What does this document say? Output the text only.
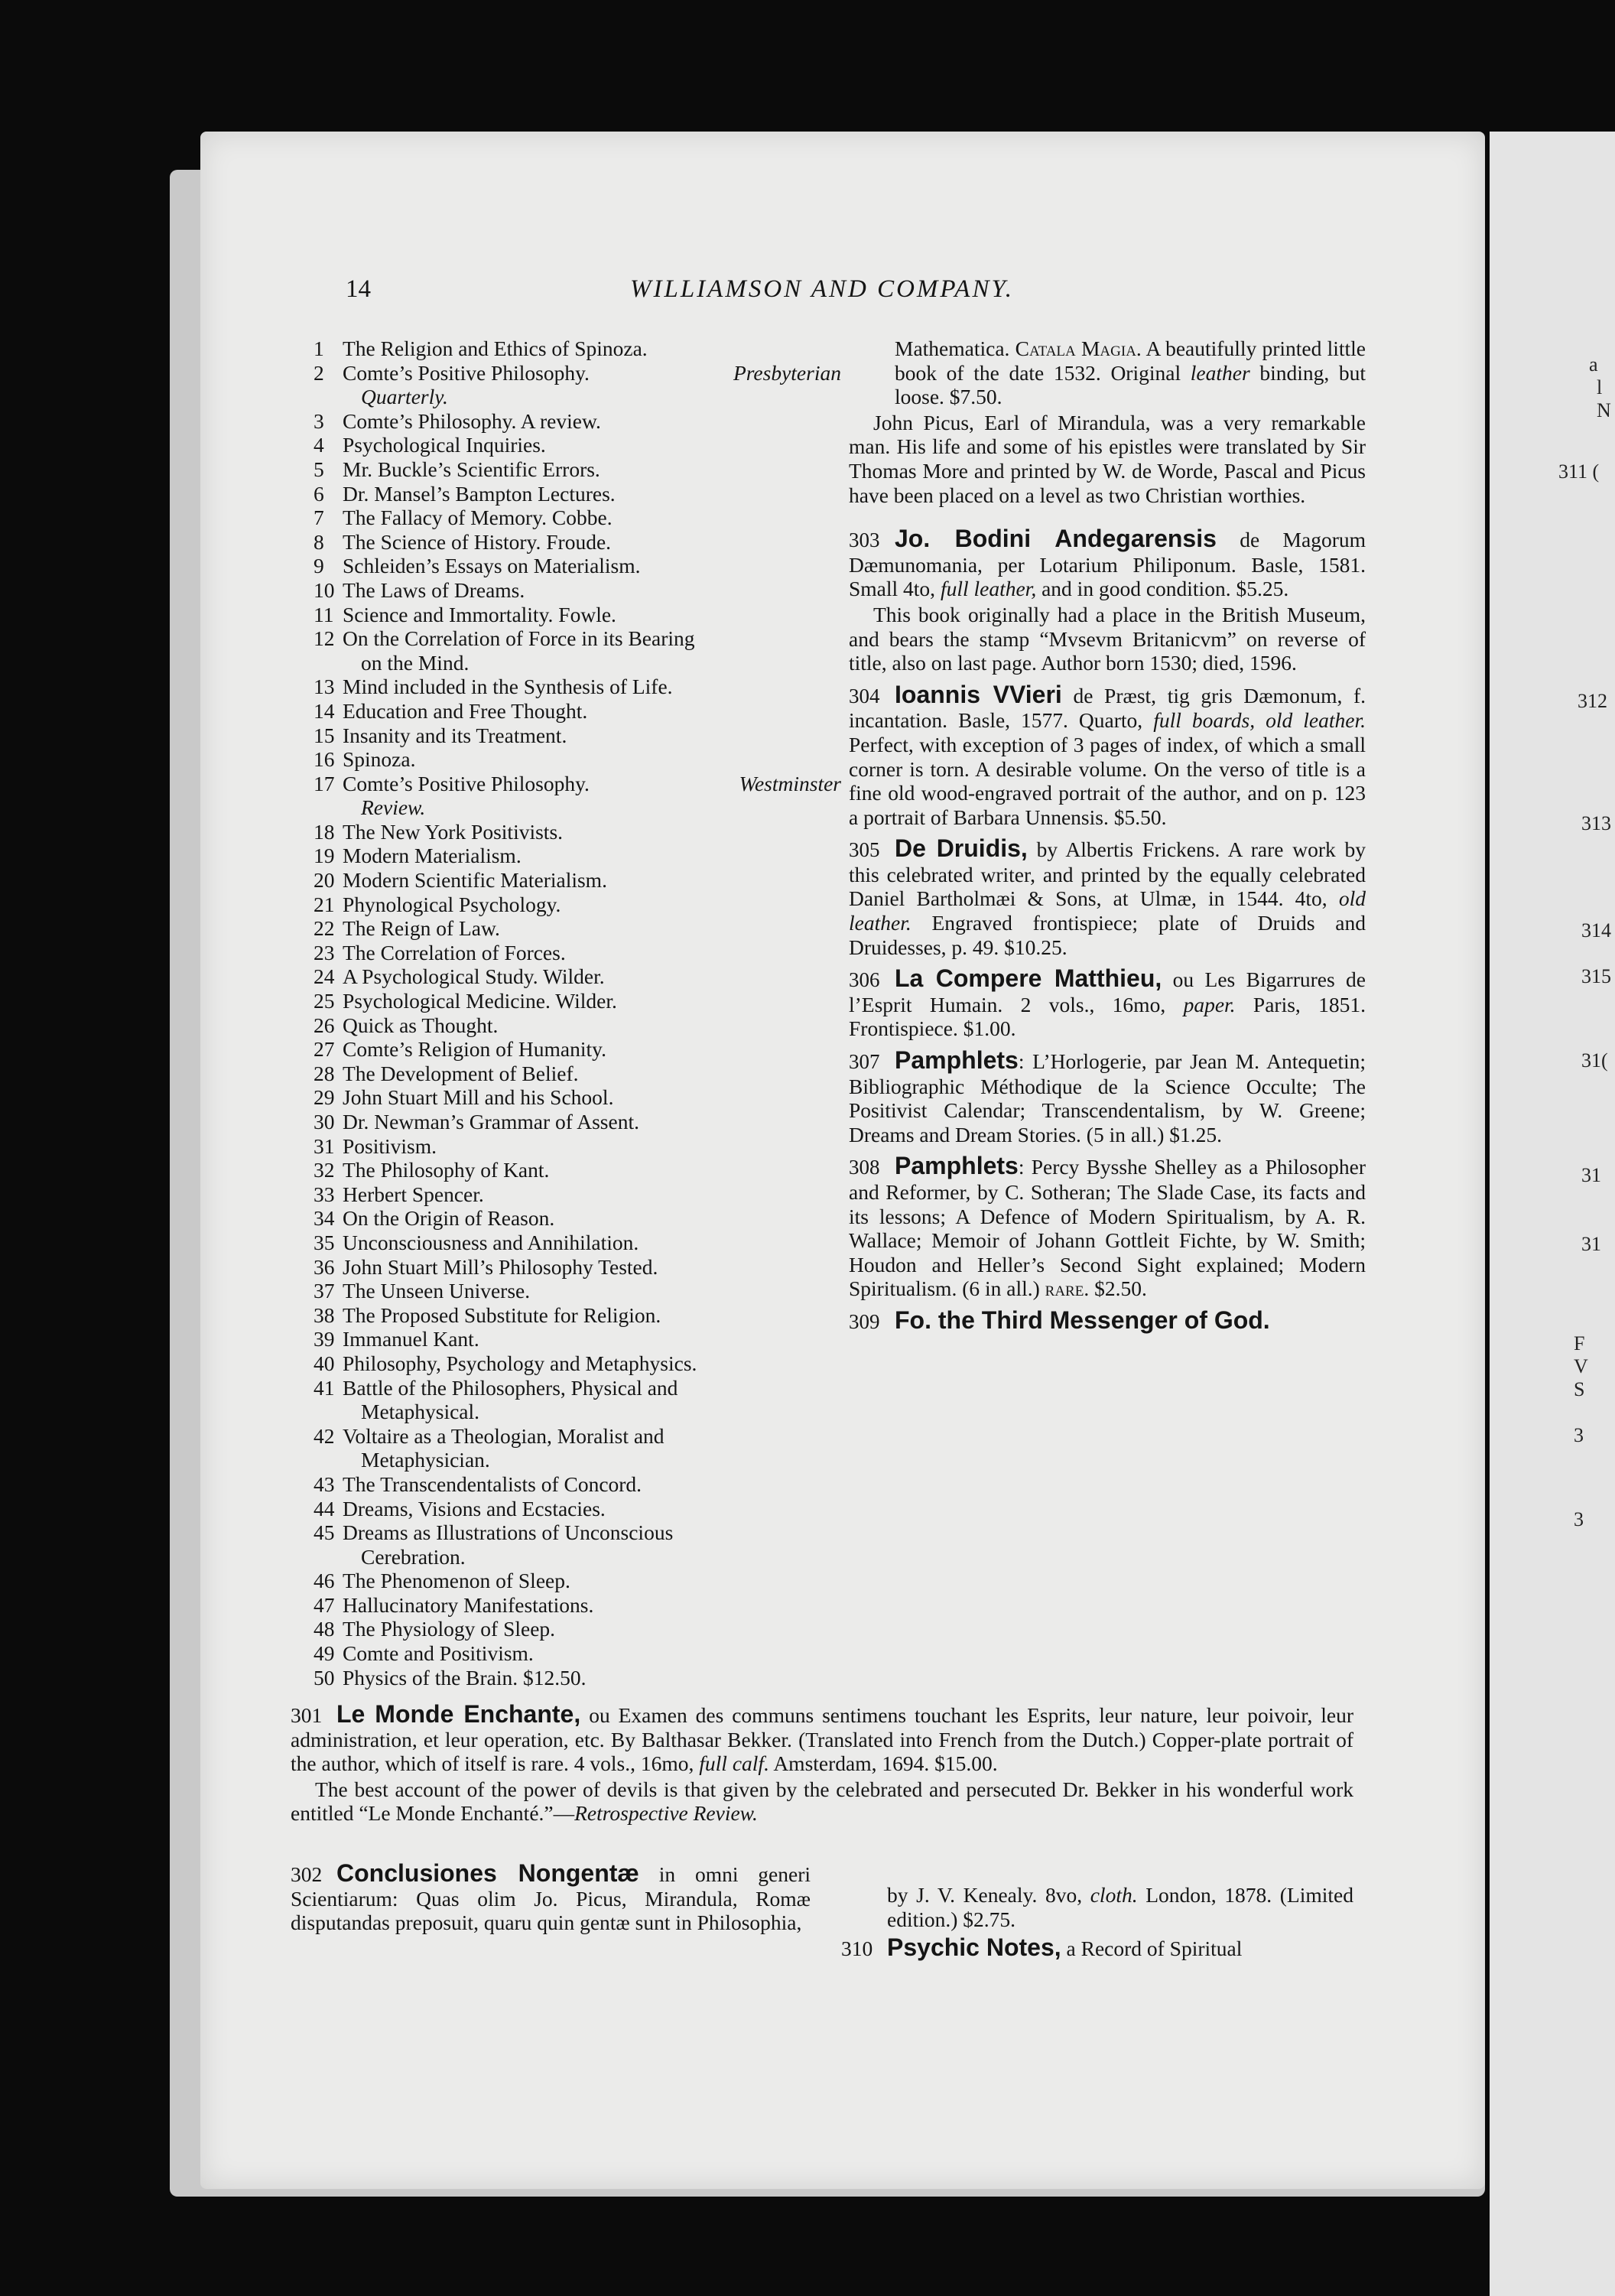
a
l
N
311 (
312
313
314
315
31(
31
31
F
V
S
3
3
14	WILLIAMSON AND COMPANY.
1 The Religion and Ethics of Spinoza.
2 Comte’s Positive Philosophy.	Presbyterian
Quarterly.
3 Comte’s Philosophy. A review.
4 Psychological Inquiries.
5 Mr. Buckle’s Scientific Errors.
6 Dr. Mansel’s Bampton Lectures.
7 The Fallacy of Memory. Cobbe.
8 The Science of History. Froude.
9 Schleiden’s Essays on Materialism.
10 The Laws of Dreams.
11 Science and Immortality. Fowle.
12 On the Correlation of Force in its Bearing
on the Mind.
13 Mind included in the Synthesis of Life.
14 Education and Free Thought.
15 Insanity and its Treatment.
16 Spinoza.
17 Comte’s Positive Philosophy.	Westminster
Review.
18 The New York Positivists.
19 Modern Materialism.
20 Modern Scientific Materialism.
21 Phynological Psychology.
22 The Reign of Law.
23 The Correlation of Forces.
24 A Psychological Study. Wilder.
25 Psychological Medicine. Wilder.
26 Quick as Thought.
27 Comte’s Religion of Humanity.
28 The Development of Belief.
29 John Stuart Mill and his School.
30 Dr. Newman’s Grammar of Assent.
31 Positivism.
32 The Philosophy of Kant.
33 Herbert Spencer.
34 On the Origin of Reason.
35 Unconsciousness and Annihilation.
36 John Stuart Mill’s Philosophy Tested.
37 The Unseen Universe.
38 The Proposed Substitute for Religion.
39 Immanuel Kant.
40 Philosophy, Psychology and Metaphysics.
41 Battle of the Philosophers, Physical and
Metaphysical.
42 Voltaire as a Theologian, Moralist and
Metaphysician.
43 The Transcendentalists of Concord.
44 Dreams, Visions and Ecstacies.
45 Dreams as Illustrations of Unconscious
Cerebration.
46 The Phenomenon of Sleep.
47 Hallucinatory Manifestations.
48 The Physiology of Sleep.
49 Comte and Positivism.
50 Physics of the Brain. $12.50.
Mathematica. Catala Magia. A beautifully printed little book of the date 1532. Original leather binding, but loose. $7.50.
John Picus, Earl of Mirandula, was a very remarkable man. His life and some of his epistles were translated by Sir Thomas More and printed by W. de Worde, Pascal and Picus have been placed on a level as two Christian worthies.
303 Jo. Bodini Andegarensis de Magorum Dæmunomania, per Lotarium Philiponum. Basle, 1581. Small 4to, full leather, and in good condition. $5.25.
This book originally had a place in the British Museum, and bears the stamp “Mvsevm Britanicvm” on reverse of title, also on last page. Author born 1530; died, 1596.
304 Ioannis VVieri de Præst, tig gris Dæmonum, f. incantation. Basle, 1577. Quarto, full boards, old leather. Perfect, with exception of 3 pages of index, of which a small corner is torn. A desirable volume. On the verso of title is a fine old wood-engraved portrait of the author, and on p. 123 a portrait of Barbara Unnensis. $5.50.
305 De Druidis, by Albertis Frickens. A rare work by this celebrated writer, and printed by the equally celebrated Daniel Bartholmæi & Sons, at Ulmæ, in 1544. 4to, old leather. Engraved frontispiece; plate of Druids and Druidesses, p. 49. $10.25.
306 La Compere Matthieu, ou Les Bigarrures de l’Esprit Humain. 2 vols., 16mo, paper. Paris, 1851. Frontispiece. $1.00.
307 Pamphlets: L’Horlogerie, par Jean M. Antequetin; Bibliographic Méthodique de la Science Occulte; The Positivist Calendar; Transcendentalism, by W. Greene; Dreams and Dream Stories. (5 in all.) $1.25.
308 Pamphlets: Percy Bysshe Shelley as a Philosopher and Reformer, by C. Sotheran; The Slade Case, its facts and its lessons; A Defence of Modern Spiritualism, by A. R. Wallace; Memoir of Johann Gottleit Fichte, by W. Smith; Houdon and Heller’s Second Sight explained; Modern Spiritualism. (6 in all.) rare. $2.50.
309 Fo. the Third Messenger of God.
301 Le Monde Enchante, ou Examen des communs sentimens touchant les Esprits, leur nature, leur poivoir, leur administration, et leur operation, etc. By Balthasar Bekker. (Translated into French from the Dutch.) Copper-plate portrait of the author, which of itself is rare. 4 vols., 16mo, full calf. Amsterdam, 1694. $15.00.
The best account of the power of devils is that given by the celebrated and persecuted Dr. Bekker in his wonderful work entitled “Le Monde Enchanté.”—Retrospective Review.
302 Conclusiones Nongentæ in omni generi Scientiarum: Quas olim Jo. Picus, Mirandula, Romæ disputandas preposuit, quaru quin gentæ sunt in Philosophia,
by J. V. Kenealy. 8vo, cloth. London, 1878. (Limited edition.) $2.75.
310 Psychic Notes, a Record of Spiritual
